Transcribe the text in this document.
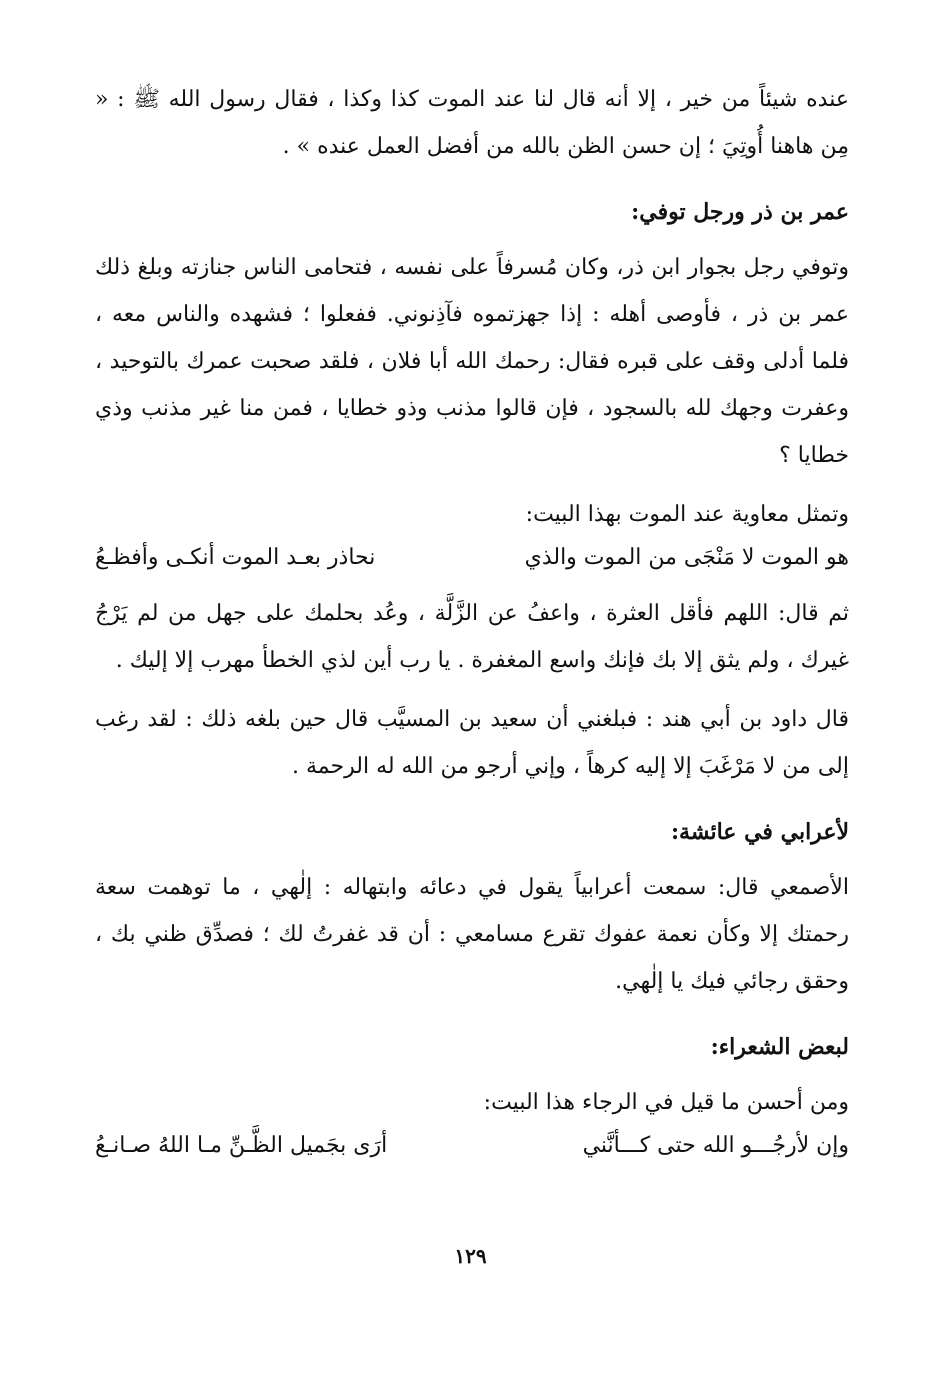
عنده شيئاً من خير ، إلا أنه قال لنا عند الموت كذا وكذا ، فقال رسول الله ﷺ : « مِن هاهنا أُوتِيَ ؛ إن حسن الظن بالله من أفضل العمل عنده » .

عمر بن ذر ورجل توفي:

وتوفي رجل بجوار ابن ذر، وكان مُسرفاً على نفسه ، فتحامى الناس جنازته وبلغ ذلك عمر بن ذر ، فأوصى أهله : إذا جهزتموه فآذِنوني. ففعلوا ؛ فشهده والناس معه ، فلما أدلى وقف على قبره فقال: رحمك الله أبا فلان ، فلقد صحبت عمرك بالتوحيد ، وعفرت وجهك لله بالسجود ، فإن قالوا مذنب وذو خطايا ، فمن منا غير مذنب وذي خطايا ؟

وتمثل معاوية عند الموت بهذا البيت:

هو الموت لا مَنْجَى من الموت والذي
نحاذر بعـد الموت أنكـى وأفظـعُ

ثم قال: اللهم فأقل العثرة ، واعفُ عن الزَّلَّة ، وعُد بحلمك على جهل من لم يَرْجُ غيرك ، ولم يثق إلا بك فإنك واسع المغفرة . يا رب أين لذي الخطأ مهرب إلا إليك .

قال داود بن أبي هند : فبلغني أن سعيد بن المسيَّب قال حين بلغه ذلك : لقد رغب إلى من لا مَرْغَبَ إلا إليه كرهاً ، وإني أرجو من الله له الرحمة .

لأعرابي في عائشة:

الأصمعي قال: سمعت أعرابياً يقول في دعائه وابتهاله : إلٰهي ، ما توهمت سعة رحمتك إلا وكأن نعمة عفوك تقرع مسامعي : أن قد غفرتُ لك ؛ فصدِّق ظني بك ، وحقق رجائي فيك يا إلٰهي.

لبعض الشعراء:

ومن أحسن ما قيل في الرجاء هذا البيت:

وإن لأرجُـــو الله حتى كـــأنَّني
أرَى بجَميل الظَّـنِّ مـا اللهُ صـانـعُ
١٢٩
